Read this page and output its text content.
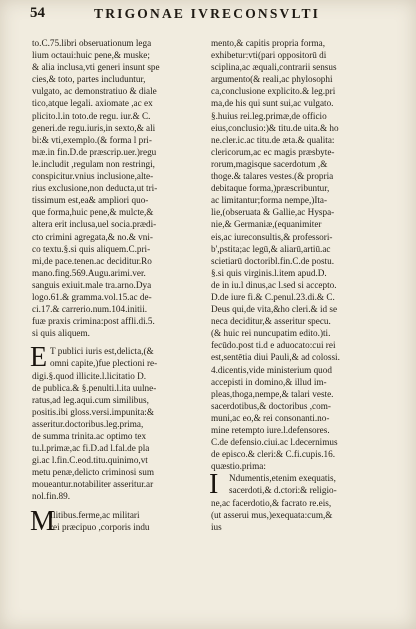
54	TRIGONAE IVRECONSVLTI
to.C.75.libri obseruationum lega
lium octaui:huic pene,& muske;
& alia inclusa,vti generi insunt spe
cies,& toto, partes includuntur,
vulgato, ac demonstratiuo & diale
tico,atque legali. axiomate ,ac ex
plicito.l.in toto.de regu. iur.& C.
generi.de regu.iuris,in sexto,& ali
bi:& vti,exemplo.(& forma l pri-
mæ.in fin.D.de præscrip.uer.)regu
le.includit ,regulam non restringi,
conspicitur.vnius inclusione,alte-
rius exclusione,non deducta,ut tri-
tissimum est,ea& ampliori quo-
que forma,huic pene,& mulcte,&
altera erit inclusa,uel socia.prædi-
cto crimini agregata,& no.& vni-
co textu.§.si quis aliquem.C.pri-
mi,de pace.tenen.ac deciditur.Ro
mano.fing.569.Augu.arimi.ver.
sanguis exiuit.male tra.arno.Dya
logo.61.& gramma.vol.15.ac de-
ci.17.& carrerio.num.104.initii.
fuæ praxis crimina:post affli.di.5.
si quis aliquem.
E T publici iuris est,delicta,(&
omni capite,)fue plectioni re-
digi.§.quod illicite.l.licitatio D.
de publica.& §.penulti.l.ita uulne-
ratus,ad leg.aqui.cum similibus,
positis.ibi gloss.versi.impunita:&
asseritur.doctoribus.leg.prima,
de summa trinita.ac optimo tex
tu.l.primæ,ac fi.D.ad l.fal.de pla
gi.ac l.fin.C.eod.titu.quinimo,vt
metu penæ,delicto criminosi sum
moueantur.notabiliter asseritur.ar
nol.fin.89.
M
Ilitibus.ferme,ac militari
rei præcipuo ,corporis indu
mento,& capitis propria forma,
exhibetur:vti(pari oppositorū di
sciplina,ac æquali,contrarii sensus
argumento(& reali,ac phylosophi
ca,conclusione explicito.& leg.pri
ma,de his qui sunt sui,ac vulgato.
§.huius rei.leg.primæ,de officio
eius,conclusio:)& titu.de uita.& ho
ne.cler.ic.ac titu.de æta.& qualita:
clericorum,ac ec magis præsbyte-
rorum,magisque sacerdotum ,&
thoge.& talares vestes.(& propria
debitaque forma,)præscribuntur,
ac limitantur;forma nempe,)Ita-
lie,(obseruata & Gallie,ac Hyspa-
nie,& Germaniæ,(equanimiter
eis,ac iureconsultis,& professori-
b',pstita;ac legū,& aliarū,artiū.ac
scietiarū doctoribl.fin.C.de postu.
§.si quis virginis.l.item apud.D.
de in iu.l dinus,ac l.sed si accepto.
D.de iure fi.& C.penul.23.di.& C.
Deus qui,de vita,&ho cleri.& id se
neca deciditur,& asseritur specu.
(& huic rei nuncupatim edito.)ti.
fecūdo.post ti.d e aduocato:cui rei
est,sentētia diui Pauli,& ad colossi.
4.dicentis,vide ministerium quod
accepisti in domino,& illud im-
pleas,thoga,nempe,& talari veste.
sacerdotibus,& doctoribus ,com-
muni,ac eo,& rei consonanti.no-
mine retempto iure.l.defensores.
C.de defensio.ciui.ac l.decernimus
de episco.& cleri:& C.fi.cupis.16.
quæstio.prima:
I	Ndumentis,etenim exequatis,
sacerdoti,& d.ctori:& religio-
ne,ac facerdotio,& facrato re.eis,
(ut asserui mus,)exequata:cum,&
ius
